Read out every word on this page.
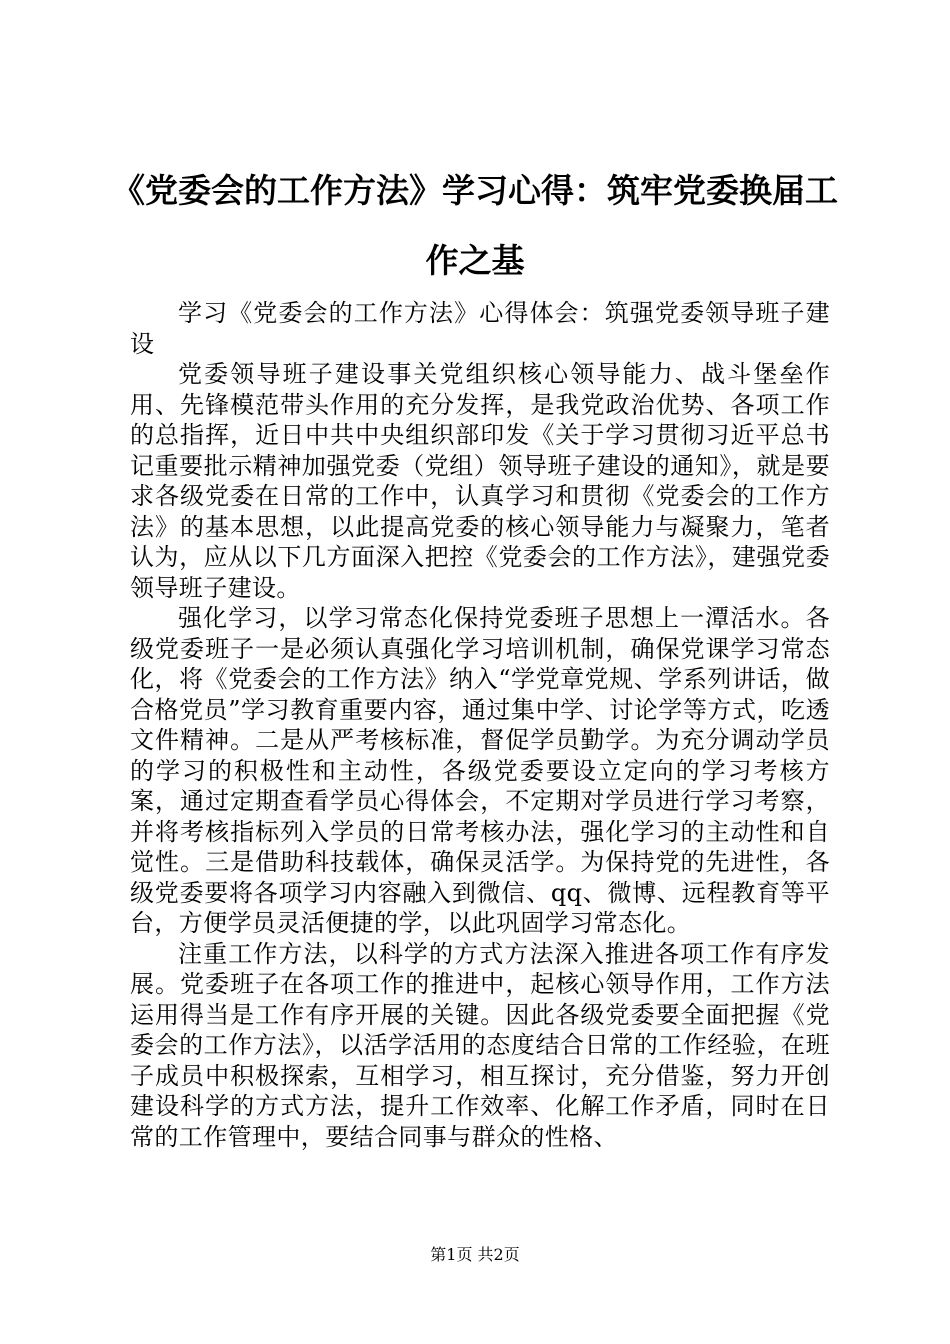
《党委会的工作方法》学习心得：筑牢党委换届工作之基

学习《党委会的工作方法》心得体会：筑强党委领导班子建设

党委领导班子建设事关党组织核心领导能力、战斗堡垒作用、先锋模范带头作用的充分发挥，是我党政治优势、各项工作的总指挥，近日中共中央组织部印发《关于学习贯彻习近平总书记重要批示精神加强党委（党组）领导班子建设的通知》，就是要求各级党委在日常的工作中，认真学习和贯彻《党委会的工作方法》的基本思想，以此提高党委的核心领导能力与凝聚力，笔者认为，应从以下几方面深入把控《党委会的工作方法》，建强党委领导班子建设。

强化学习，以学习常态化保持党委班子思想上一潭活水。各级党委班子一是必须认真强化学习培训机制，确保党课学习常态化，将《党委会的工作方法》纳入“学党章党规、学系列讲话，做合格党员”学习教育重要内容，通过集中学、讨论学等方式，吃透文件精神。二是从严考核标准，督促学员勤学。为充分调动学员的学习的积极性和主动性，各级党委要设立定向的学习考核方案，通过定期查看学员心得体会，不定期对学员进行学习考察，并将考核指标列入学员的日常考核办法，强化学习的主动性和自觉性。三是借助科技载体，确保灵活学。为保持党的先进性，各级党委要将各项学习内容融入到微信、qq、微博、远程教育等平台，方便学员灵活便捷的学，以此巩固学习常态化。

注重工作方法，以科学的方式方法深入推进各项工作有序发展。党委班子在各项工作的推进中，起核心领导作用，工作方法运用得当是工作有序开展的关键。因此各级党委要全面把握《党委会的工作方法》，以活学活用的态度结合日常的工作经验，在班子成员中积极探索，互相学习，相互探讨，充分借鉴，努力开创建设科学的方式方法，提升工作效率、化解工作矛盾，同时在日常的工作管理中，要结合同事与群众的性格、

第1页 共2页
